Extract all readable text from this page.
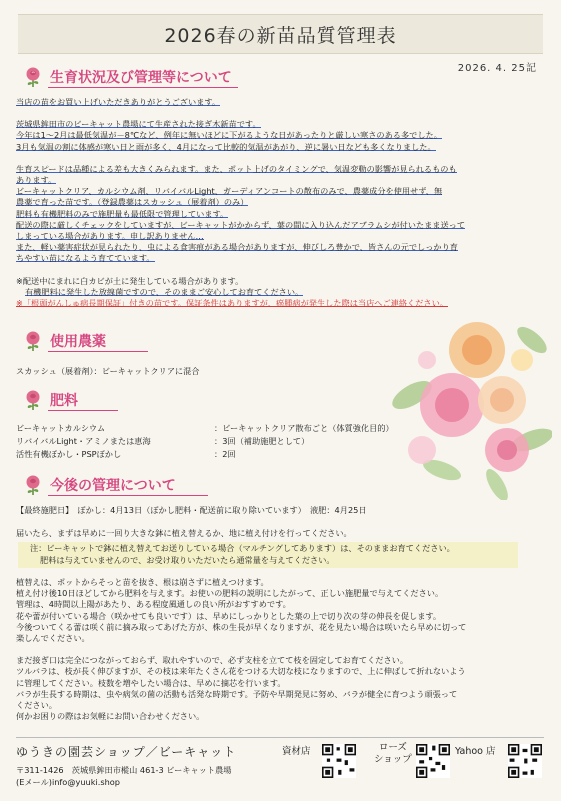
2026春の新苗品質管理表
2026. 4. 25記
生育状況及び管理等について

当店の苗をお買い上げいただきありがとうございます。

茨城県鉾田市のビーキャット農場にて生産された接ぎ木新苗です。

今年は1～2月は最低気温が－8℃など、例年に無いほどに下がるような日があったりと厳しい寒さのある多でした。

3月も気温の割に体感が寒い日と雨が多く、4月になって比較的気温があがり、逆に暑い日なども多くなりました。

生育スピードは品種による差も大きくみられます。また、ポット上げのタイミングで、気温変動の影響が見られるものも

あります。

ビーキャットクリア、カルシウム剤、リバイバルLight、ガーディアンコートの散布のみで、農薬成分を使用せず、無

農薬で育った苗です。（登録農薬はスカッシュ（展着剤）のみ）

肥料も有機肥料のみで施肥量も最低限で管理しています。

配送の際に厳しくチェックをしていますが、ビーキャットがかからず、葉の間に入り込んだアブラムシが付いたまま送って

しまっている場合があります。申し訳ありません…

また、軽い薬害症状が見られたり、虫による食害痕がある場合がありますが、伸びしろ豊かで、皆さんの元でしっかり育

ちやすい苗になるよう育てています。

※配送中にまれに白カビが土に発生している場合があります。

有機肥料に発生した放線菌ですので、そのままご安心してお育てください。

※「根頭がんしゅ病長期保証」付きの苗です。保証条件はありますが、癌腫病が発生した際は当店へご連絡ください。

使用農薬

スカッシュ（展着剤）：ビーキャットクリアに混合

肥料
ビーキャットカルシウム	：ビーキャットクリア散布ごと（体質強化目的）
リバイバルLight・アミノまたは恵海	：3回（補助施肥として）
活性有機ぼかし・PSPぼかし	：2回
今後の管理について

【最終施肥日】　ぼかし：4月13日（ぼかし肥料・配送前に取り除いています）　液肥：4月25日

届いたら、まずは早めに一回り大きな鉢に植え替えるか、地に植え付けを行ってください。

注：ビーキャットで鉢に植え替えてお送りしている場合（マルチングしてあります）は、そのままお育てください。

肥料は与えていませんので、お受け取りいただいたら通常量を与えてください。

植替えは、ポットからそっと苗を抜き、根は崩さずに植えつけます。

植え付け後10日ほどしてから肥料を与えます。お使いの肥料の説明にしたがって、正しい施肥量で与えてください。

管理は、4時間以上陽があたり、ある程度風通しの良い所がおすすめです。

花や蕾が付いている場合（咲かせても良いです）は、早めにしっかりとした葉の上で切り次の芽の伸長を促します。

今後ついてくる蕾は咲く前に摘み取ってあげた方が、株の生長が早くなりますが、花を見たい場合は咲いたら早めに切って

楽しんでください。

まだ接ぎ口は完全につながっておらず、取れやすいので、必ず支柱を立てて枝を固定してお育てください。

ツルバラは、枝が長く伸びますが、その枝は来年たくさん花をつける大切な枝になりますので、上に伸ばして折れないよう

に管理してください。枝数を増やしたい場合は、早めに摘芯を行います。

バラが生長する時期は、虫や病気の菌の活動も活発な時期です。予防や早期発見に努め、バラが健全に育つよう頑張って

ください。

何かお困りの際はお気軽にお問い合わせください。

ゆうきの園芸ショップ／ビーキャット
〒311-1426　茨城県鉾田市樅山 461-3 ビーキャット農場
(Eメール)info@yuuki.shop
資材店	ローズ
ショップ
Yahoo 店
